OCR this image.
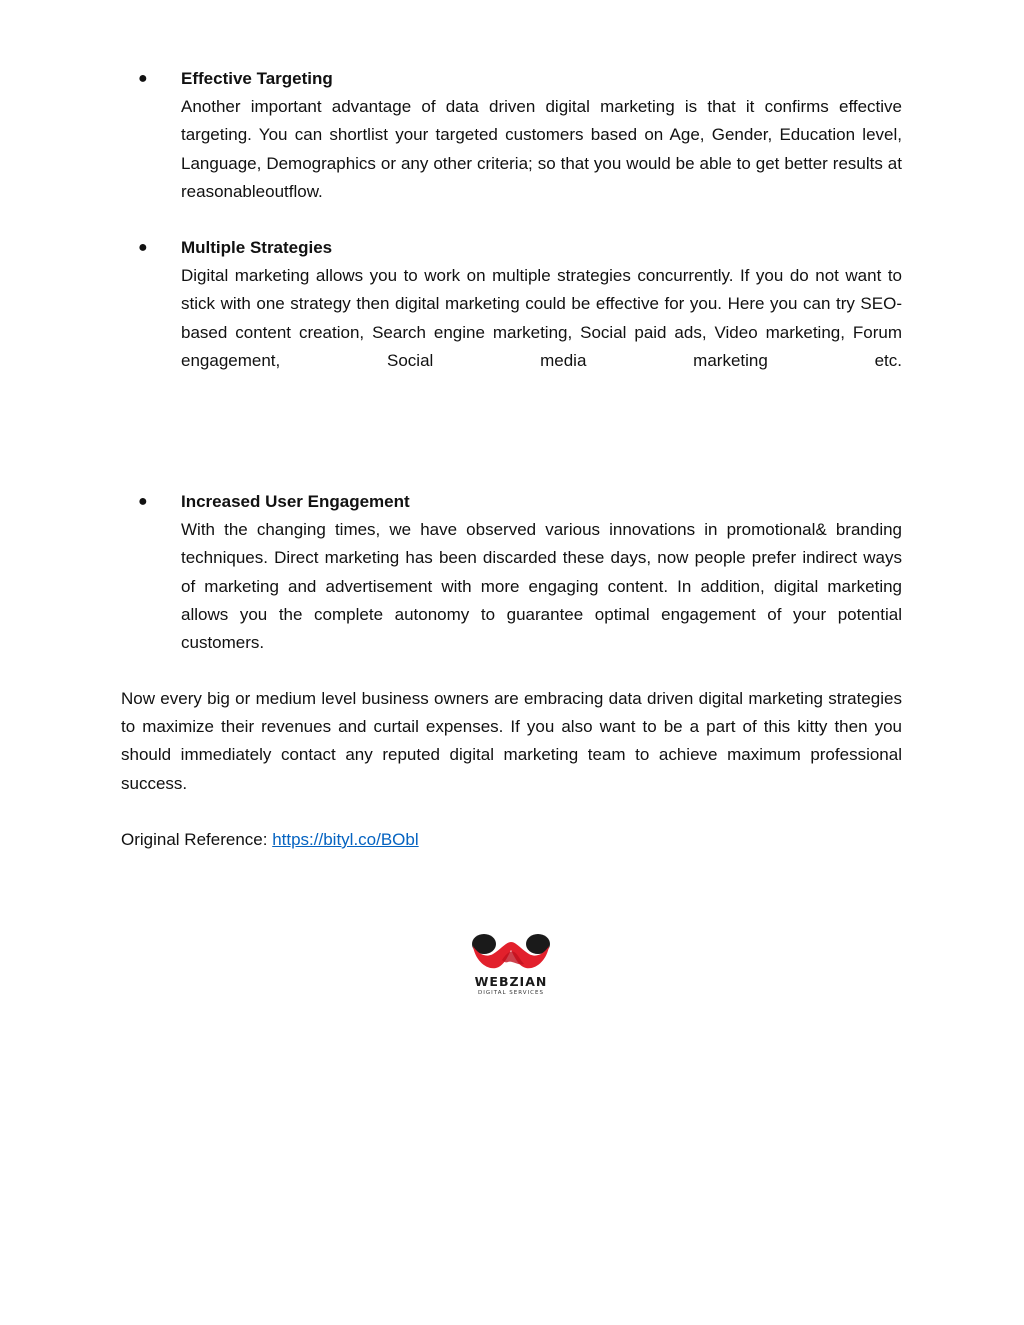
● Effective Targeting
Another important advantage of data driven digital marketing is that it confirms effective targeting. You can shortlist your targeted customers based on Age, Gender, Education level, Language, Demographics or any other criteria; so that you would be able to get better results at reasonableoutflow.
● Multiple Strategies
Digital marketing allows you to work on multiple strategies concurrently. If you do not want to stick with one strategy then digital marketing could be effective for you. Here you can try SEO-based content creation, Search engine marketing, Social paid ads, Video marketing, Forum engagement, Social media marketing etc.
● Increased User Engagement
With the changing times, we have observed various innovations in promotional& branding techniques. Direct marketing has been discarded these days, now people prefer indirect ways of marketing and advertisement with more engaging content. In addition, digital marketing allows you the complete autonomy to guarantee optimal engagement of your potential customers.
Now every big or medium level business owners are embracing data driven digital marketing strategies to maximize their revenues and curtail expenses. If you also want to be a part of this kitty then you should immediately contact any reputed digital marketing team to achieve maximum professional success.
Original Reference: https://bityl.co/BObl
WEBZIAN
DIGITAL SERVICES
